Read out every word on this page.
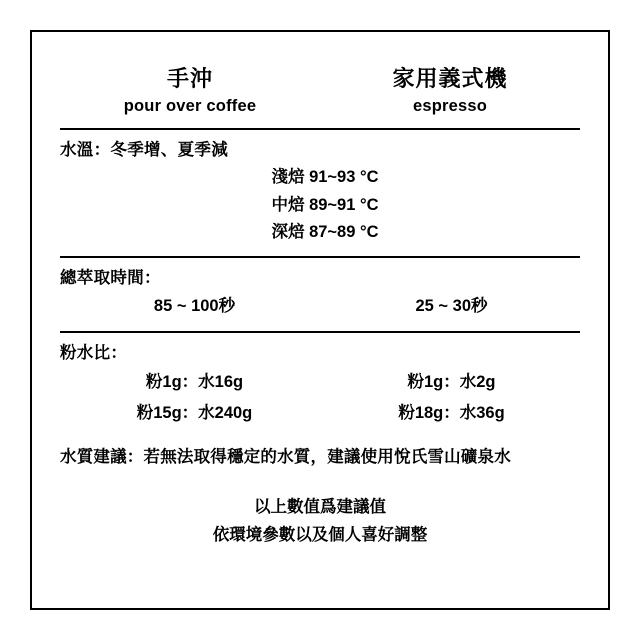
手沖
pour over coffee
家用義式機
espresso
水溫：冬季增、夏季減
淺焙 91~93 °C
中焙 89~91 °C
深焙 87~89 °C
總萃取時間：
85 ~ 100秒	25 ~ 30秒
粉水比：
粉1g：水16g	粉1g：水2g
粉15g：水240g	粉18g：水36g
水質建議：若無法取得穩定的水質，建議使用悅氏雪山礦泉水
以上數值爲建議值
依環境參數以及個人喜好調整
